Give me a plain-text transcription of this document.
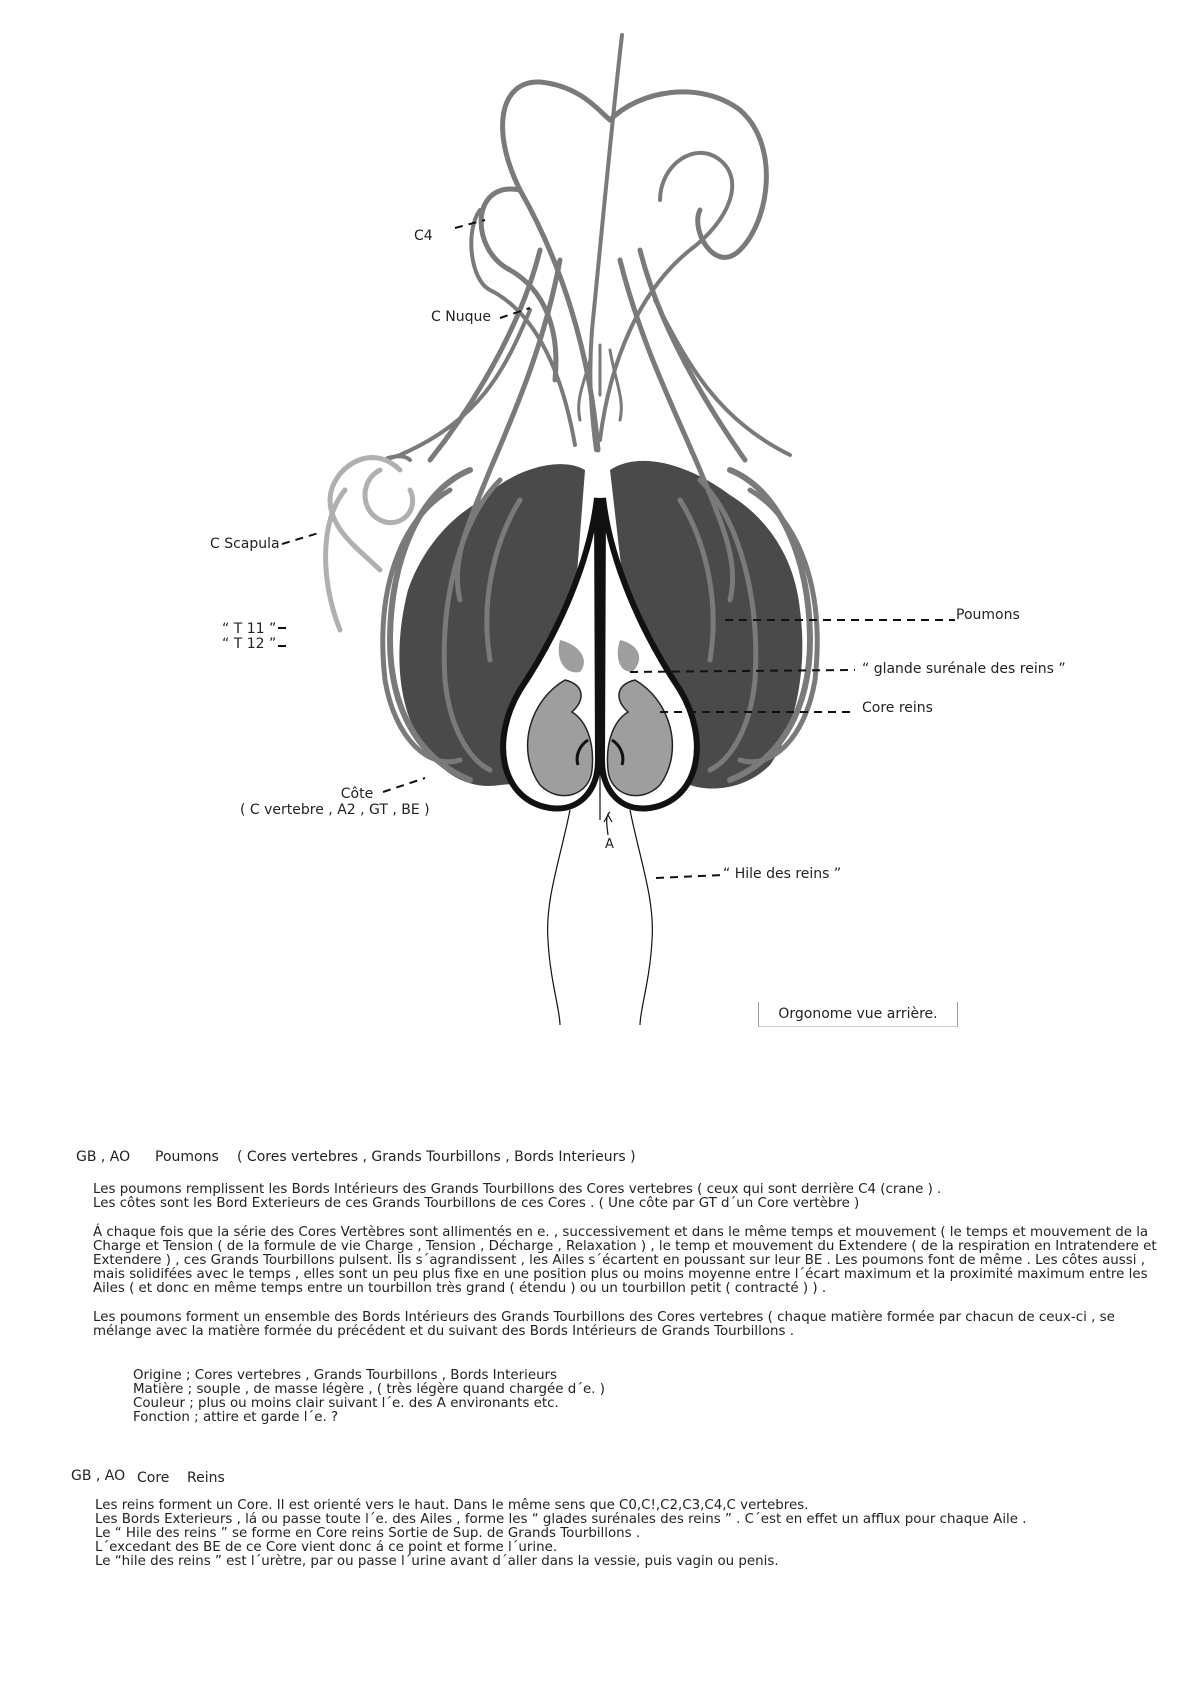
C4
C Nuque
C Scapula
“ T 11 ”
“ T 12 ”
Côte
( C vertebre , A2 , GT , BE )
Poumons
“ glande surénale des reins ”
Core reins
“ Hile des reins ”
A
Orgonome vue arrière.
GB , AO Poumons ( Cores vertebres , Grands Tourbillons , Bords Interieurs )

Les poumons remplissent les Bords Intérieurs des Grands Tourbillons des Cores vertebres ( ceux qui sont derrière C4 (crane ) .

Les côtes sont les Bord Exterieurs de ces Grands Tourbillons de ces Cores . ( Une côte par GT d´un Core vertèbre )

Á chaque fois que la série des Cores Vertèbres sont allimentés en e. , successivement et dans le même temps et mouvement ( le temps et mouvement de la

Charge et Tension ( de la formule de vie Charge , Tension , Décharge , Relaxation ) , le temp et mouvement du Extendere ( de la respiration en Intratendere et

Extendere ) , ces Grands Tourbillons pulsent. Ils s´agrandissent , les Ailes s´écartent en poussant sur leur BE . Les poumons font de même . Les côtes aussi ,

mais solidifées avec le temps , elles sont un peu plus fixe en une position plus ou moins moyenne entre l´écart maximum et la proximité maximum entre les

Ailes ( et donc en même temps entre un tourbillon très grand ( étendu ) ou un tourbillon petit ( contracté ) ) .

Les poumons forment un ensemble des Bords Intérieurs des Grands Tourbillons des Cores vertebres ( chaque matière formée par chacun de ceux-ci , se

mélange avec la matière formée du précédent et du suivant des Bords Intérieurs de Grands Tourbillons .

Origine ; Cores vertebres , Grands Tourbillons , Bords Interieurs

Matière ; souple , de masse légère , ( très légère quand chargée d´e. )

Couleur ; plus ou moins clair suivant l´e. des A environants etc.

Fonction ; attire et garde l´e. ?

GB , AO Core Reins

Les reins forment un Core. Il est orienté vers le haut. Dans le même sens que C0,C!,C2,C3,C4,C vertebres.

Les Bords Exterieurs , lá ou passe toute l´e. des Ailes , forme les “ glades surénales des reins ” . C´est en effet un afflux pour chaque Aile .

Le “ Hile des reins ” se forme en Core reins Sortie de Sup. de Grands Tourbillons .

L´excedant des BE de ce Core vient donc á ce point et forme l´urine.

Le “hile des reins ” est l´urètre, par ou passe l´urine avant d´aller dans la vessie, puis vagin ou penis.
